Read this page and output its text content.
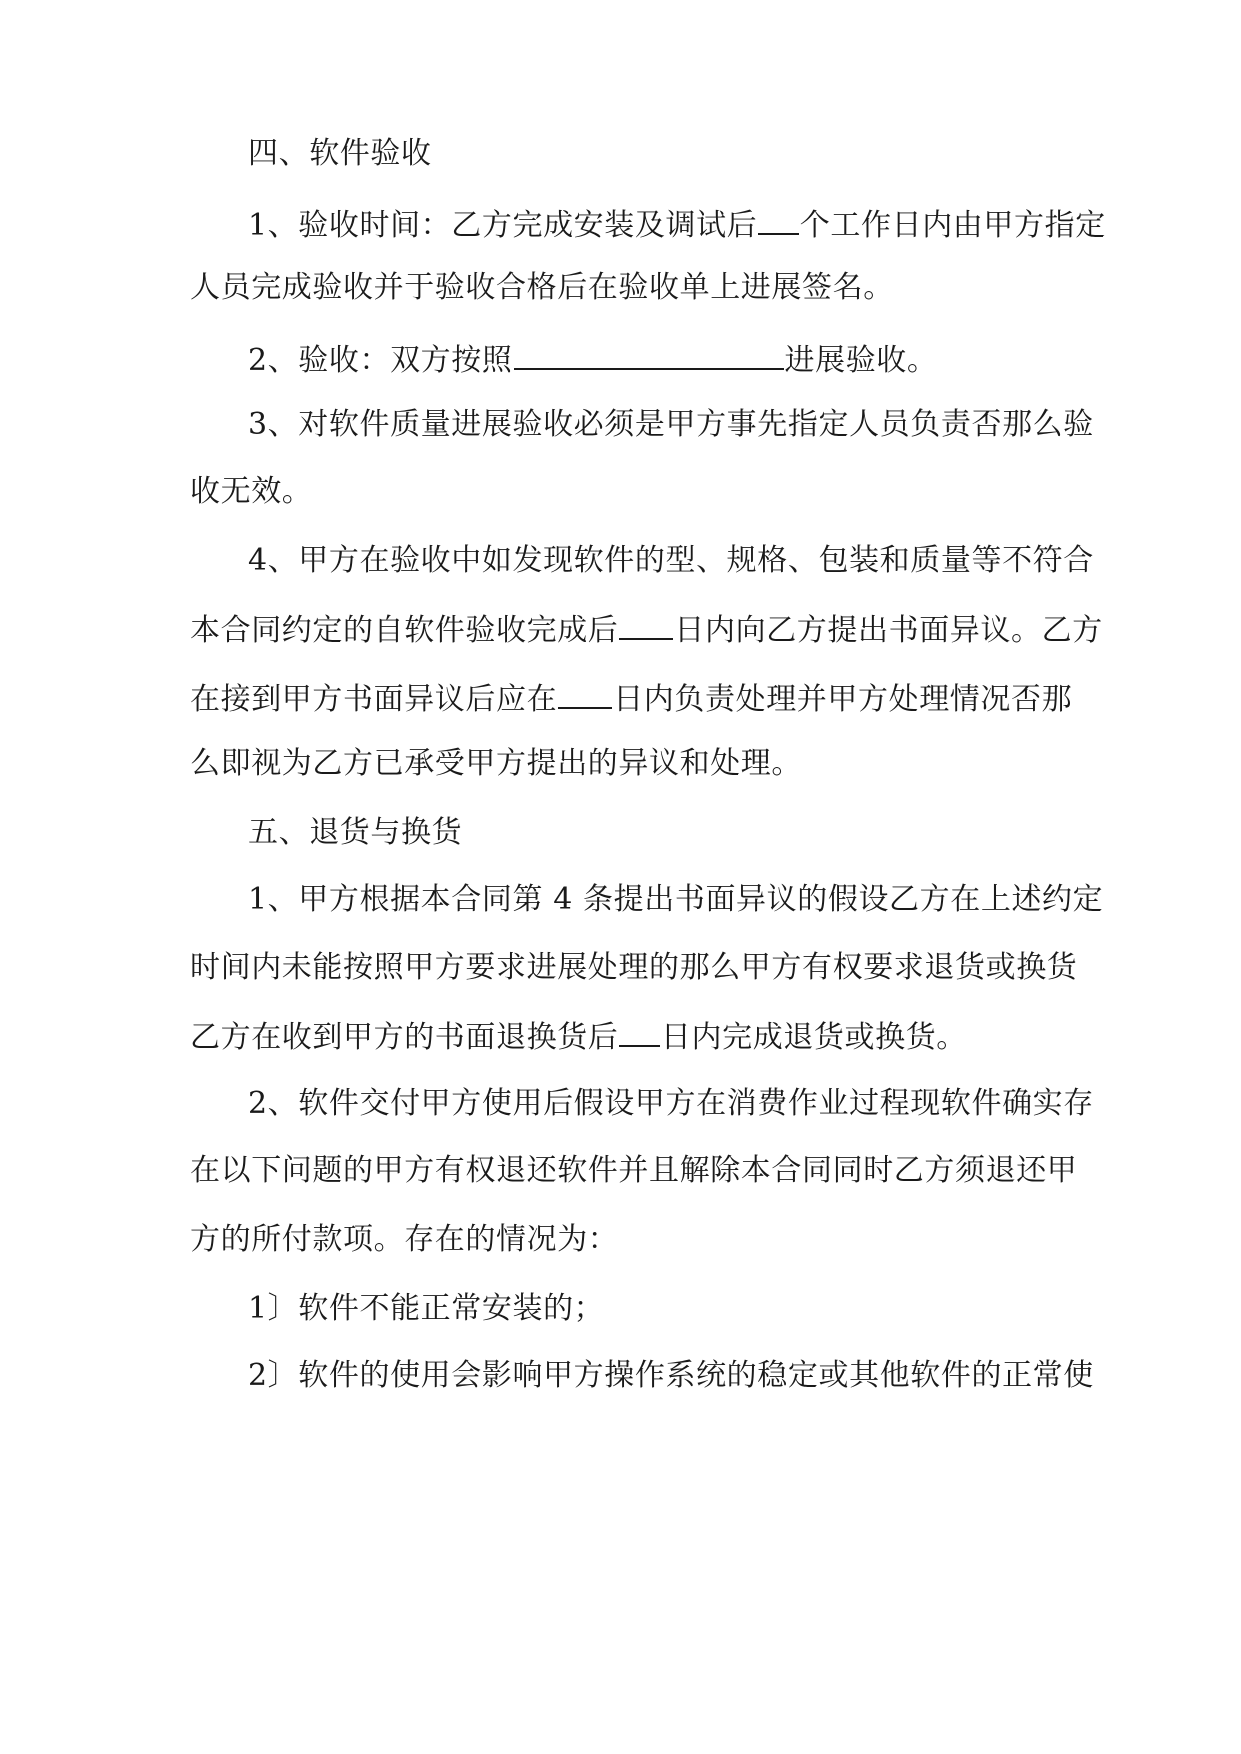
四、软件验收
1、验收时间：乙方完成安装及调试后 个工作日内由甲方指定
人员完成验收并于验收合格后在验收单上进展签名。
2、验收：双方按照	进展验收。
3、对软件质量进展验收必须是甲方事先指定人员负责否那么验
收无效。
4、甲方在验收中如发现软件的型、规格、包装和质量等不符合
本合同约定的自软件验收完成后 日内向乙方提出书面异议。乙方
在接到甲方书面异议后应在 日内负责处理并甲方处理情况否那
么即视为乙方已承受甲方提出的异议和处理。
五、退货与换货
1、甲方根据本合同第 4 条提出书面异议的假设乙方在上述约定
时间内未能按照甲方要求进展处理的那么甲方有权要求退货或换货
乙方在收到甲方的书面退换货后 日内完成退货或换货。
2、软件交付甲方使用后假设甲方在消费作业过程现软件确实存
在以下问题的甲方有权退还软件并且解除本合同同时乙方须退还甲
方的所付款项。存在的情况为：
1〕软件不能正常安装的；
2〕软件的使用会影响甲方操作系统的稳定或其他软件的正常使
